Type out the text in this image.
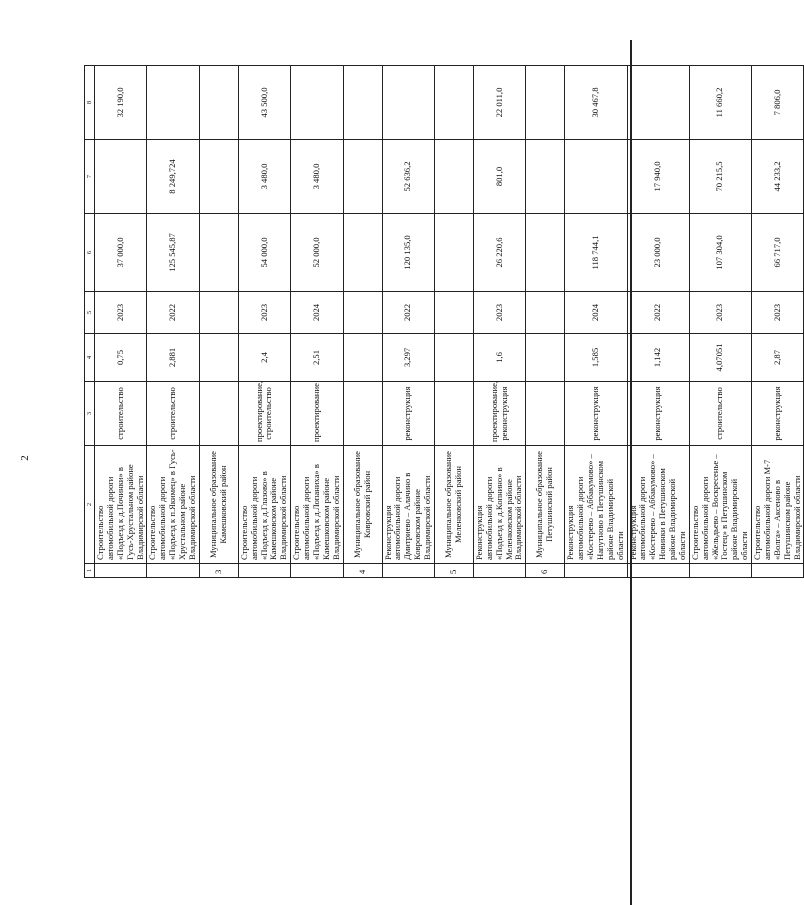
2
1	2	3	4	5	6	7	8
	Строительство автомобильной дороги «Подъезд к д.Починки» в Гусь-Хрустальном районе Владимирской области	строительство	0,75	2023	37 000,0		32 190,0
	Строительство автомобильной дороги «Подъезд к п.Якимец» в Гусь-Хрустальном районе Владимирской области	строительство	2,881	2022	125 545,87	8 249,724	
3	Муниципальное образование Камешковский район						
	Строительство автомобильной дороги «Подъезд к д.Глазово» в Камешковском районе Владимирской области	проектирование, строительство	2,4	2023	54 000,0	3 480,0	43 500,0
	Строительство автомобильной дороги «Подъезд к д.Лопаниха» в Камешковском районе Владимирской области	проектирование	2,51	2024	52 000,0	3 480,0	
4	Муниципальное образование Ковровский район						
	Реконструкция автомобильной дороги Дмитриево – Алачино в Ковровском районе Владимирской области	реконструкция	3,297	2022	120 135,0	52 636,2	
5	Муниципальное образование Меленковский район						
	Реконструкция автомобильной дороги «Подъезд к д.Копнино» в Меленковском районе Владимирской области	проектирование, реконструкция	1,6	2023	26 220,6	801,0	22 011,0
6	Муниципальное образование Петушинский район						
	Реконструкция автомобильной дороги «Костерево – Аббакумово» – Напутново в Петушинском районе Владимирской области	реконструкция	1,585	2024	118 744,1		30 467,8
	Реконструкция автомобильной дороги «Костерево – Аббакумово» – Новинки в Петушинском районе Владимирской области	реконструкция	1,142	2022	23 000,0	17 940,0	
	Строительство автомобильной дороги «Жельдьево – Воскресенье – Гостец» в Петушинском районе Владимирской области	строительство	4,07051	2023	107 304,0	70 215,5	11 660,2
	Строительство автомобильной дороги М-7 «Волга» – Аксеново в Петушинском районе Владимирской области	реконструкция	2,87	2023	66 717,0	44 233,2	7 806,0
